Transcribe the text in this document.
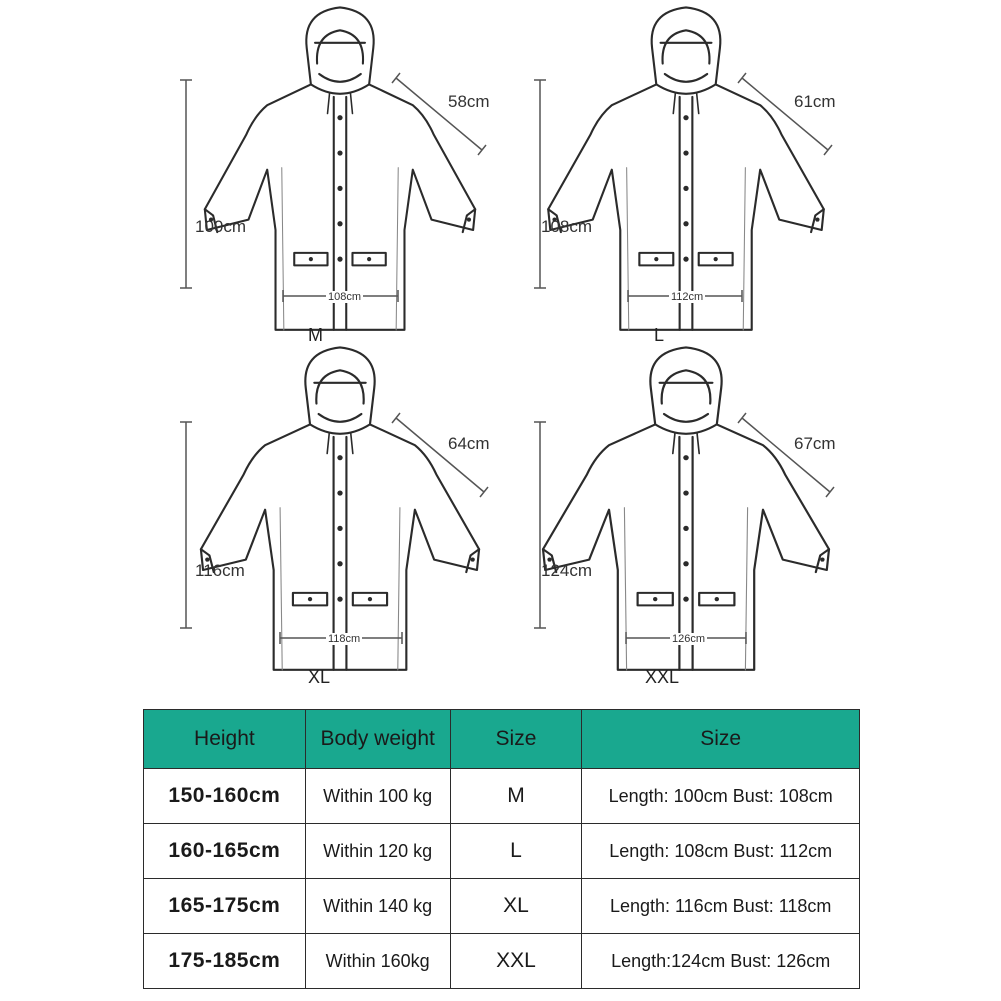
58cm
100cm
108cm
M
61cm
108cm
112cm
L
64cm
116cm
118cm
XL
67cm
124cm
126cm
XXL
Height	Body weight	Size	Size
150-160cm	Within 100 kg	M	Length: 100cm Bust: 108cm
160-165cm	Within 120 kg	L	Length: 108cm Bust: 112cm
165-175cm	Within 140 kg	XL	Length: 116cm Bust: 118cm
175-185cm	Within 160kg	XXL	Length:124cm Bust: 126cm
